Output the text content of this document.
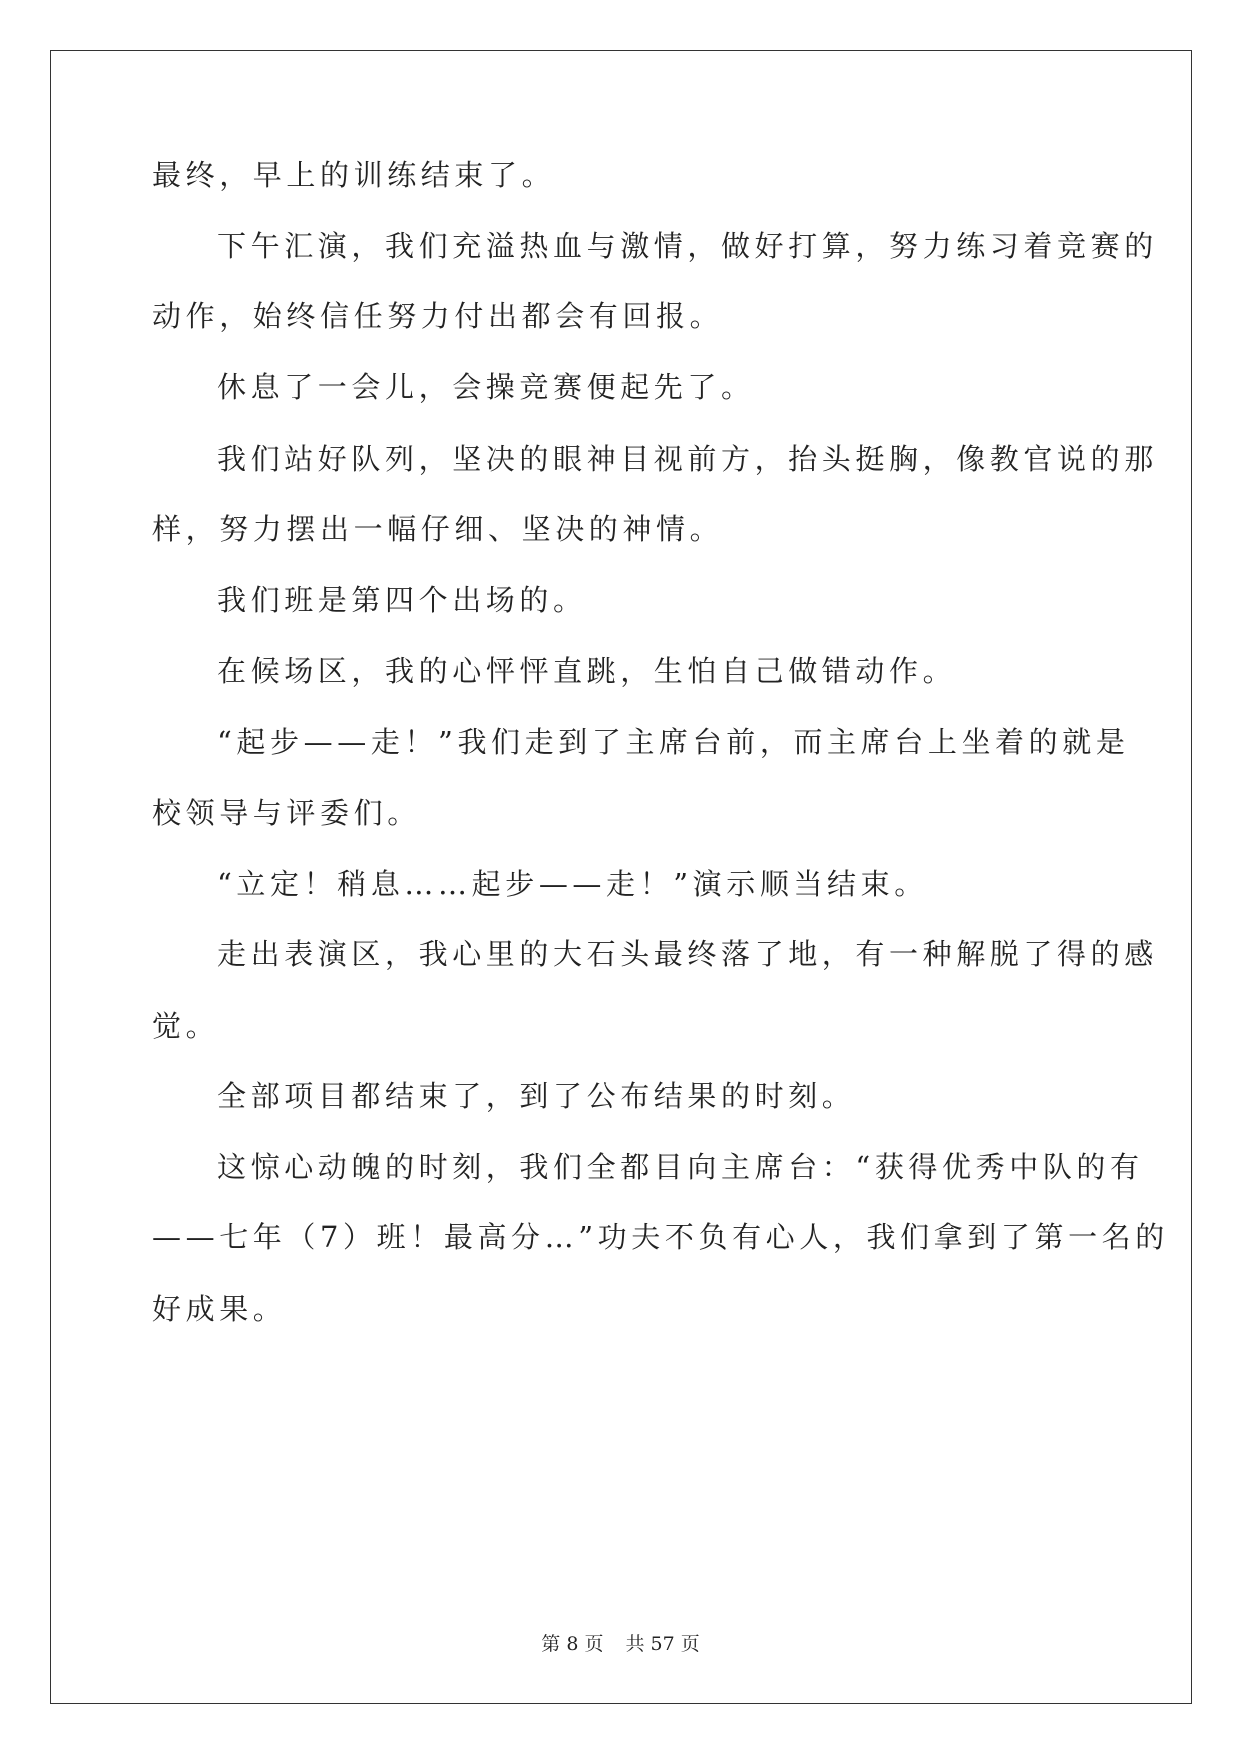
最终，早上的训练结束了。
下午汇演，我们充溢热血与激情，做好打算，努力练习着竞赛的
动作，始终信任努力付出都会有回报。
休息了一会儿，会操竞赛便起先了。
我们站好队列，坚决的眼神目视前方，抬头挺胸，像教官说的那
样，努力摆出一幅仔细、坚决的神情。
我们班是第四个出场的。
在候场区，我的心怦怦直跳，生怕自己做错动作。
“起步——走！”我们走到了主席台前，而主席台上坐着的就是
校领导与评委们。
“立定！稍息……起步——走！”演示顺当结束。
走出表演区，我心里的大石头最终落了地，有一种解脱了得的感
觉。
全部项目都结束了，到了公布结果的时刻。
这惊心动魄的时刻，我们全都目向主席台：“获得优秀中队的有
——七年（7）班！最高分…”功夫不负有心人，我们拿到了第一名的
好成果。
第 8 页 共 57 页
